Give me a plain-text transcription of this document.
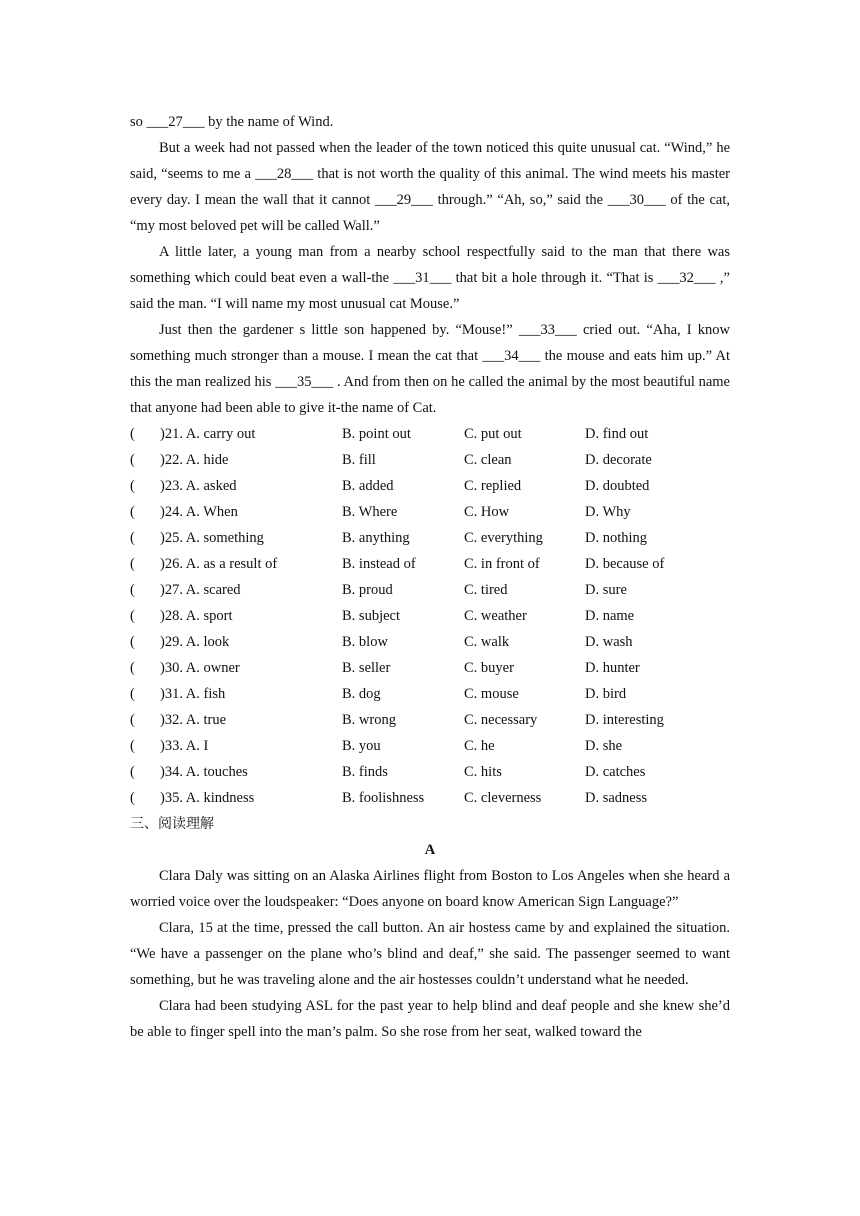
so ___27___ by the name of Wind.
But a week had not passed when the leader of the town noticed this quite unusual cat. “Wind,” he said, “seems to me a ___28___ that is not worth the quality of this animal. The wind meets his master every day. I mean the wall that it cannot ___29___ through.” “Ah, so,” said the ___30___ of the cat, “my most beloved pet will be called Wall.”
A little later, a young man from a nearby school respectfully said to the man that there was something which could beat even a wall-the ___31___ that bit a hole through it. “That is ___32___ ,” said the man. “I will name my most unusual cat Mouse.”
Just then the gardener s little son happened by. “Mouse!” ___33___ cried out. “Aha, I know something much stronger than a mouse. I mean the cat that ___34___ the mouse and eats him up.” At this the man realized his ___35___ . And from then on he called the animal by the most beautiful name that anyone had been able to give it-the name of Cat.
( )21. A. carry out	B. point out	C. put out	D. find out
( )22. A. hide	B. fill	C. clean	D. decorate
( )23. A. asked	B. added	C. replied	D. doubted
( )24. A. When	B. Where	C. How	D. Why
( )25. A. something	B. anything	C. everything	D. nothing
( )26. A. as a result of	B. instead of	C. in front of	D. because of
( )27. A. scared	B. proud	C. tired	D. sure
( )28. A. sport	B. subject	C. weather	D. name
( )29. A. look	B. blow	C. walk	D. wash
( )30. A. owner	B. seller	C. buyer	D. hunter
( )31. A. fish	B. dog	C. mouse	D. bird
( )32. A. true	B. wrong	C. necessary	D. interesting
( )33. A. I	B. you	C. he	D. she
( )34. A. touches	B. finds	C. hits	D. catches
( )35. A. kindness	B. foolishness	C. cleverness	D. sadness
三、阅读理解
A
Clara Daly was sitting on an Alaska Airlines flight from Boston to Los Angeles when she heard a worried voice over the loudspeaker: “Does anyone on board know American Sign Language?”
Clara, 15 at the time, pressed the call button. An air hostess came by and explained the situation. “We have a passenger on the plane who’s blind and deaf,” she said. The passenger seemed to want something, but he was traveling alone and the air hostesses couldn’t understand what he needed.
Clara had been studying ASL for the past year to help blind and deaf people and she knew she’d be able to finger spell into the man’s palm. So she rose from her seat, walked toward the
